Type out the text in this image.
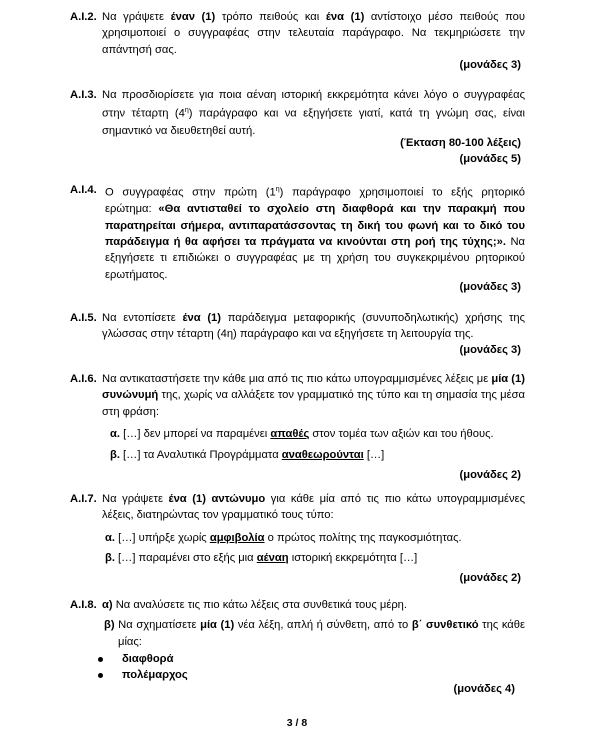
Α.Ι.2. Να γράψετε έναν (1) τρόπο πειθούς και ένα (1) αντίστοιχο μέσο πειθούς που χρησιμοποιεί ο συγγραφέας στην τελευταία παράγραφο. Να τεκμηριώσετε την απάντησή σας.
(μονάδες 3)
Α.Ι.3. Να προσδιορίσετε για ποια αέναη ιστορική εκκρεμότητα κάνει λόγο ο συγγραφέας στην τέταρτη $(4^\eta)$ παράγραφο και να εξηγήσετε γιατί, κατά τη γνώμη σας, είναι σημαντικό να διευθετηθεί αυτή.
(Έκταση 80-100 λέξεις)
(μονάδες 5)
Α.Ι.4. Ο συγγραφέας στην πρώτη $(1^\eta)$ παράγραφο χρησιμοποιεί το εξής ρητορικό ερώτημα: «Θα αντισταθεί το σχολείο στη διαφθορά και την παρακμή που παρατηρείται σήμερα, αντιπαρατάσσοντας τη δική του φωνή και το δικό του παράδειγμα ή θα αφήσει τα πράγματα να κινούνται στη ροή της τύχης;». Να εξηγήσετε τι επιδιώκει ο συγγραφέας με τη χρήση του συγκεκριμένου ρητορικού ερωτήματος.
(μονάδες 3)
Α.Ι.5. Να εντοπίσετε ένα (1) παράδειγμα μεταφορικής (συνυποδηλωτικής) χρήσης της γλώσσας στην τέταρτη (4η) παράγραφο και να εξηγήσετε τη λειτουργία της.
(μονάδες 3)
Α.Ι.6. Να αντικαταστήσετε την κάθε μια από τις πιο κάτω υπογραμμισμένες λέξεις με μία (1) συνώνυμή της, χωρίς να αλλάξετε τον γραμματικό της τύπο και τη σημασία της μέσα στη φράση:
α. […] δεν μπορεί να παραμένει απαθές στον τομέα των αξιών και του ήθους.
β. […] τα Αναλυτικά Προγράμματα αναθεωρούνται […]
(μονάδες 2)
Α.Ι.7. Να γράψετε ένα (1) αντώνυμο για κάθε μία από τις πιο κάτω υπογραμμισμένες λέξεις, διατηρώντας τον γραμματικό τους τύπο:
α. […] υπήρξε χωρίς αμφιβολία ο πρώτος πολίτης της παγκοσμιότητας.
β. […] παραμένει στο εξής μια αέναη ιστορική εκκρεμότητα […]
(μονάδες 2)
Α.Ι.8. α) Να αναλύσετε τις πιο κάτω λέξεις στα συνθετικά τους μέρη.
β) Να σχηματίσετε μία (1) νέα λέξη, απλή ή σύνθετη, από το β΄ συνθετικό της κάθε μίας:
διαφθορά
πολέμαρχος
(μονάδες 4)
3 / 8
